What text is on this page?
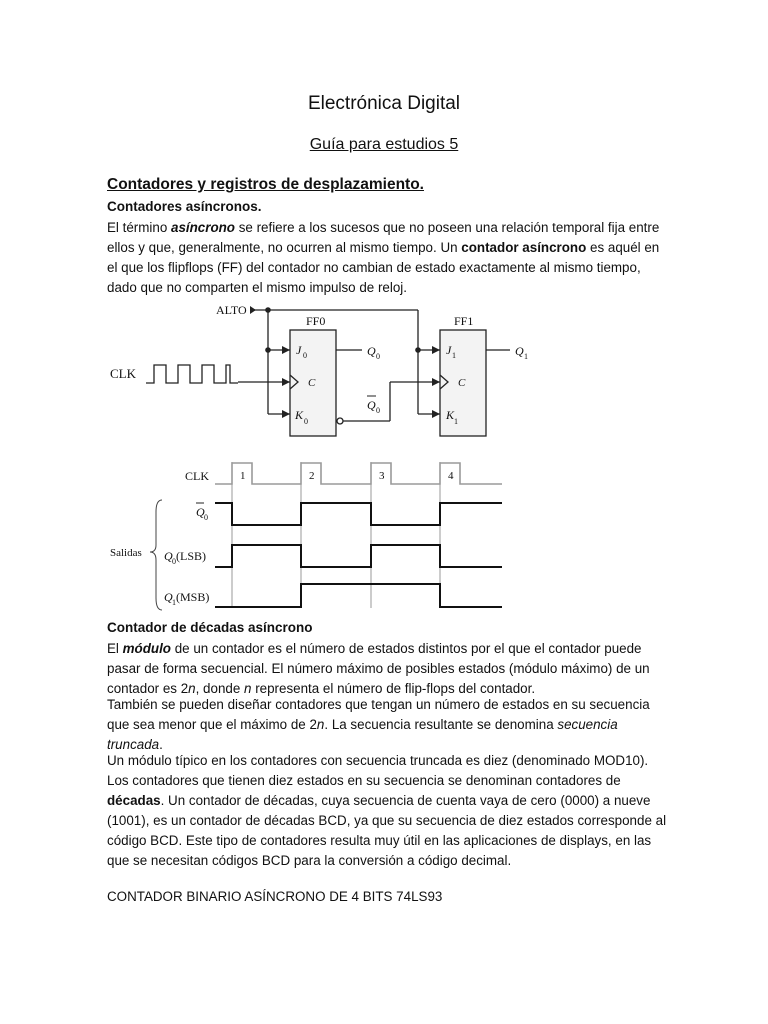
Electrónica Digital
Guía para estudios 5
Contadores y registros de desplazamiento.
Contadores asíncronos.
El término asíncrono se refiere a los sucesos que no poseen una relación temporal fija entre ellos y que, generalmente, no ocurren al mismo tiempo. Un contador asíncrono es aquél en el que los flipflops (FF) del contador no cambian de estado exactamente al mismo tiempo, dado que no comparten el mismo impulso de reloj.
ALTO
CLK
FF0	FF1
J 0
C
K 0
J 1
C
K 1
Q 0
Q 0
Q 1
CLK	1	2	3	4
Salidas
Q 0
Q 0 (LSB)
Q 1 (MSB)
Contador de décadas asíncrono
El módulo de un contador es el número de estados distintos por el que el contador puede pasar de forma secuencial. El número máximo de posibles estados (módulo máximo) de un contador es 2n, donde n representa el número de flip-flops del contador.
También se pueden diseñar contadores que tengan un número de estados en su secuencia que sea menor que el máximo de 2n. La secuencia resultante se denomina secuencia truncada.
Un módulo típico en los contadores con secuencia truncada es diez (denominado MOD10). Los contadores que tienen diez estados en su secuencia se denominan contadores de décadas. Un contador de décadas, cuya secuencia de cuenta vaya de cero (0000) a nueve (1001), es un contador de décadas BCD, ya que su secuencia de diez estados corresponde al código BCD. Este tipo de contadores resulta muy útil en las aplicaciones de displays, en las que se necesitan códigos BCD para la conversión a código decimal.
CONTADOR BINARIO ASÍNCRONO DE 4 BITS 74LS93
